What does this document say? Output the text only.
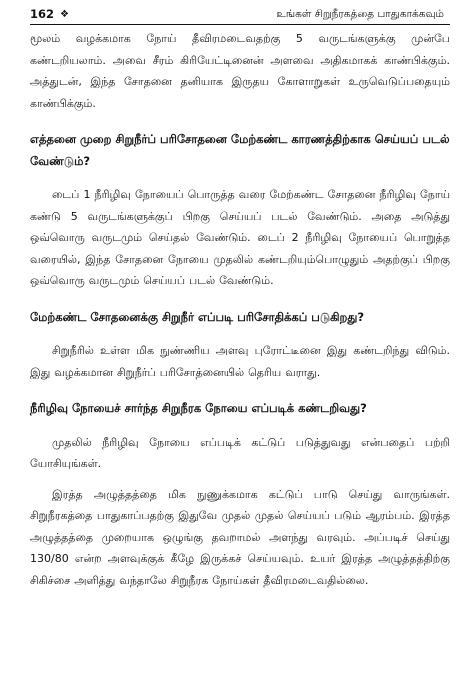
162 ❖	உங்கள் சிறுநீரகத்தை பாதுகாக்கவும்

மூலம் வழக்கமாக நோய் தீவிரமடைவதற்கு 5 வருடங்களுக்கு முன்பே கண்டறியலாம். அவை சீரம் கிரியேட்டினைன் அளவை அதிகமாகக் காண்பிக்கும். அத்துடன், இந்த சோதனை தனியாக இருதய கோளாறுகள் உருவெடுப்பதையும் காண்பிக்கும்.

எத்தனை முறை சிறுநீர்ப் பரிசோதனை மேற்கண்ட காரணத்திற்காக செய்யப் படல் வேண்டும்?

டைப் 1 நீரிழிவு நோயைப் பொருத்த வரை மேற்கண்ட சோதனை நீரிழிவு நோய் கண்டு 5 வருடங்களுக்குப் பிறகு செய்யப் படல் வேண்டும். அதை அடுத்து ஒவ்வொரு வருடமும் செய்தல் வேண்டும். டைப் 2 நீரிழிவு நோயைப் பொறுத்த வரையில், இந்த சோதனை நோயை முதலில் கண்டறியும்பொழுதும் அதற்குப் பிறகு ஒவ்வொரு வருடமும் செய்யப் படல் வேண்டும்.

மேற்கண்ட சோதனைக்கு சிறுநீர் எப்படி பரிசோதிக்கப் படுகிறது?

சிறுநீரில் உள்ள மிக நுண்ணிய அளவு புரோட்டீனை இது கண்டறிந்து விடும். இது வழக்கமான சிறுநீர்ப் பரிசோத்னையில் தெரிய வராது.

நீரிழிவு நோயைச் சார்ந்த சிறுநீரக நோயை எப்படிக் கண்டறிவது?

முதலில் நீரிழிவு நோயை எப்படிக் கட்டுப் படுத்துவது என்பதைப் பற்றி யோசியுங்கள்.

இரத்த அழுத்தத்தை மிக நுணுக்கமாக கட்டுப் பாடு செய்து வாருங்கள். சிறுநீரகத்தை பாதுகாப்பதற்கு இதுவே முதல் முதல் செய்யப் படும் ஆரம்பம். இரத்த அழுத்தத்தை முறையாக ஒழுங்கு தவறாமல் அளந்து வரவும். அப்படிச் செய்து 130/80 என்ற அளவுக்குக் கீழே இருக்கச் செய்யவும். உயர் இரத்த அழுத்தத்திற்கு சிகிச்சை அளித்து வந்தாலே சிறுநீரக நோய்கள் தீவிரமடைவதில்லை.
